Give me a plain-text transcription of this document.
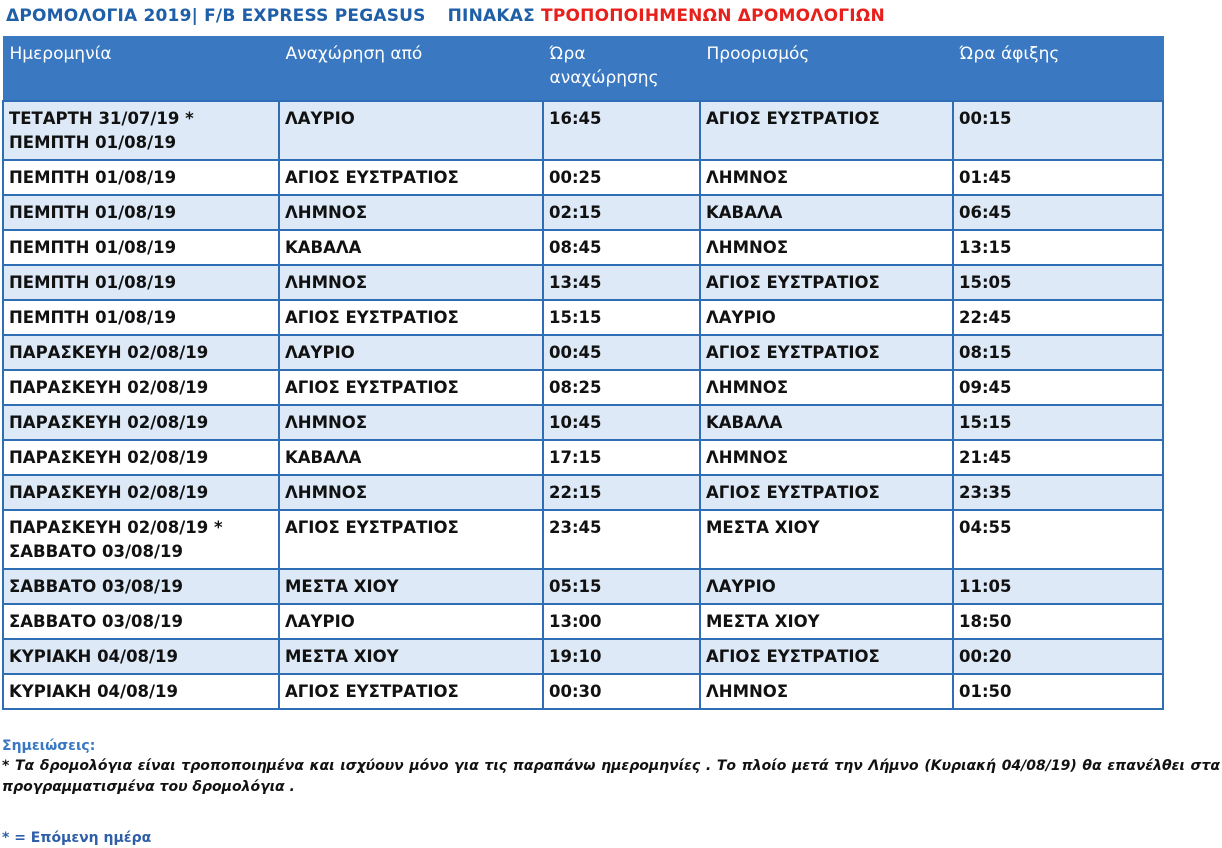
ΔΡΟΜΟΛΟΓΙΑ 2019| F/B EXPRESS PEGASUS ΠΙΝΑΚΑΣ ΤΡΟΠΟΠΟΙΗΜΕΝΩΝ ΔΡΟΜΟΛΟΓΙΩΝ
Ημερομηνία	Αναχώρηση από	Ώρα αναχώρησης	Προορισμός	Ώρα άφιξης
ΤΕΤΑΡΤΗ 31/07/19 * ΠΕΜΠΤΗ 01/08/19	ΛΑΥΡΙΟ	16:45	ΑΓΙΟΣ ΕΥΣΤΡΑΤΙΟΣ	00:15
ΠΕΜΠΤΗ 01/08/19	ΑΓΙΟΣ ΕΥΣΤΡΑΤΙΟΣ	00:25	ΛΗΜΝΟΣ	01:45
ΠΕΜΠΤΗ 01/08/19	ΛΗΜΝΟΣ	02:15	ΚΑΒΑΛΑ	06:45
ΠΕΜΠΤΗ 01/08/19	ΚΑΒΑΛΑ	08:45	ΛΗΜΝΟΣ	13:15
ΠΕΜΠΤΗ 01/08/19	ΛΗΜΝΟΣ	13:45	ΑΓΙΟΣ ΕΥΣΤΡΑΤΙΟΣ	15:05
ΠΕΜΠΤΗ 01/08/19	ΑΓΙΟΣ ΕΥΣΤΡΑΤΙΟΣ	15:15	ΛΑΥΡΙΟ	22:45
ΠΑΡΑΣΚΕΥΗ 02/08/19	ΛΑΥΡΙΟ	00:45	ΑΓΙΟΣ ΕΥΣΤΡΑΤΙΟΣ	08:15
ΠΑΡΑΣΚΕΥΗ 02/08/19	ΑΓΙΟΣ ΕΥΣΤΡΑΤΙΟΣ	08:25	ΛΗΜΝΟΣ	09:45
ΠΑΡΑΣΚΕΥΗ 02/08/19	ΛΗΜΝΟΣ	10:45	ΚΑΒΑΛΑ	15:15
ΠΑΡΑΣΚΕΥΗ 02/08/19	ΚΑΒΑΛΑ	17:15	ΛΗΜΝΟΣ	21:45
ΠΑΡΑΣΚΕΥΗ 02/08/19	ΛΗΜΝΟΣ	22:15	ΑΓΙΟΣ ΕΥΣΤΡΑΤΙΟΣ	23:35
ΠΑΡΑΣΚΕΥΗ 02/08/19 * ΣΑΒΒΑΤΟ 03/08/19	ΑΓΙΟΣ ΕΥΣΤΡΑΤΙΟΣ	23:45	ΜΕΣΤΑ ΧΙΟΥ	04:55
ΣΑΒΒΑΤΟ 03/08/19	ΜΕΣΤΑ ΧΙΟΥ	05:15	ΛΑΥΡΙΟ	11:05
ΣΑΒΒΑΤΟ 03/08/19	ΛΑΥΡΙΟ	13:00	ΜΕΣΤΑ ΧΙΟΥ	18:50
ΚΥΡΙΑΚΗ 04/08/19	ΜΕΣΤΑ ΧΙΟΥ	19:10	ΑΓΙΟΣ ΕΥΣΤΡΑΤΙΟΣ	00:20
ΚΥΡΙΑΚΗ 04/08/19	ΑΓΙΟΣ ΕΥΣΤΡΑΤΙΟΣ	00:30	ΛΗΜΝΟΣ	01:50
Σημειώσεις:
* Τα δρομολόγια είναι τροποποιημένα και ισχύουν μόνο για τις παραπάνω ημερομηνίες . Το πλοίο μετά την Λήμνο (Κυριακή 04/08/19) θα επανέλθει στα προγραμματισμένα του δρομολόγια .
* = Επόμενη ημέρα
